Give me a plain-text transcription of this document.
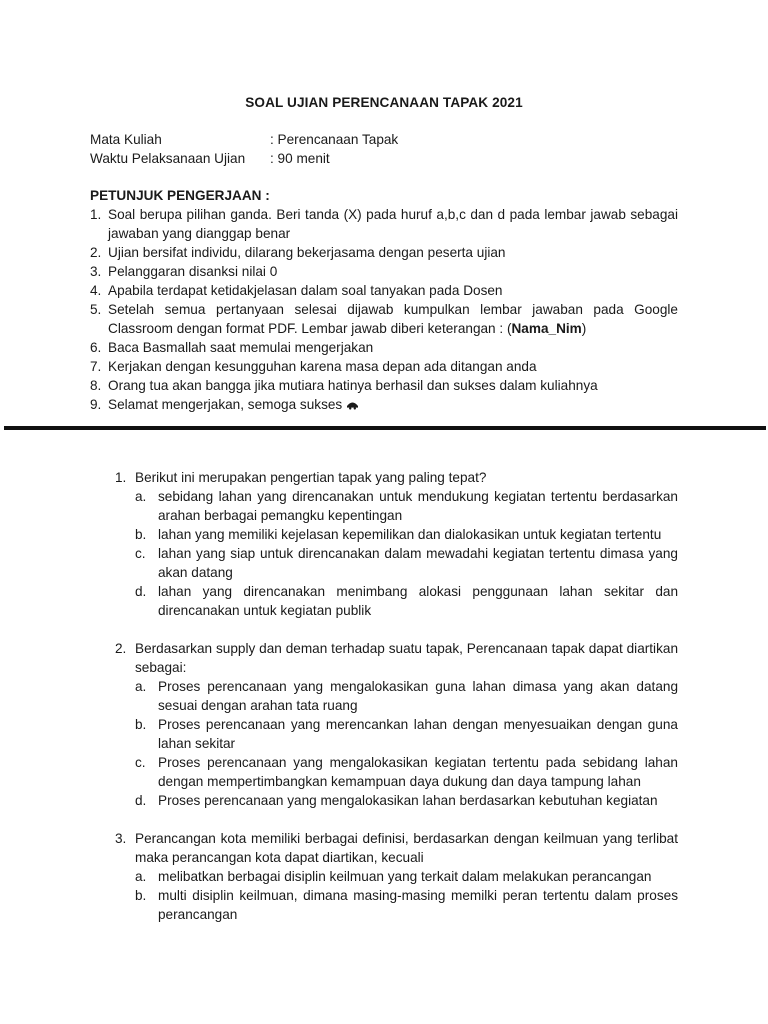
SOAL UJIAN PERENCANAAN TAPAK 2021
Mata Kuliah	: Perencanaan Tapak
Waktu Pelaksanaan Ujian	: 90 menit
PETUNJUK PENGERJAAN :
1. Soal berupa pilihan ganda. Beri tanda (X) pada huruf a,b,c dan d pada lembar jawab sebagai jawaban yang dianggap benar
2. Ujian bersifat individu, dilarang bekerjasama dengan peserta ujian
3. Pelanggaran disanksi nilai 0
4. Apabila terdapat ketidakjelasan dalam soal tanyakan pada Dosen
5. Setelah semua pertanyaan selesai dijawab kumpulkan lembar jawaban pada Google Classroom dengan format PDF. Lembar jawab diberi keterangan : (Nama_Nim)
6. Baca Basmallah saat memulai mengerjakan
7. Kerjakan dengan kesungguhan karena masa depan ada ditangan anda
8. Orang tua akan bangga jika mutiara hatinya berhasil dan sukses dalam kuliahnya
9. Selamat mengerjakan, semoga sukses
1. Berikut ini merupakan pengertian tapak yang paling tepat?
a. sebidang lahan yang direncanakan untuk mendukung kegiatan tertentu berdasarkan arahan berbagai pemangku kepentingan
b. lahan yang memiliki kejelasan kepemilikan dan dialokasikan untuk kegiatan tertentu
c. lahan yang siap untuk direncanakan dalam mewadahi kegiatan tertentu dimasa yang akan datang
d. lahan yang direncanakan menimbang alokasi penggunaan lahan sekitar dan direncanakan untuk kegiatan publik
2. Berdasarkan supply dan deman terhadap suatu tapak, Perencanaan tapak dapat diartikan sebagai:
a. Proses perencanaan yang mengalokasikan guna lahan dimasa yang akan datang sesuai dengan arahan tata ruang
b. Proses perencanaan yang merencankan lahan dengan menyesuaikan dengan guna lahan sekitar
c. Proses perencanaan yang mengalokasikan kegiatan tertentu pada sebidang lahan dengan mempertimbangkan kemampuan daya dukung dan daya tampung lahan
d. Proses perencanaan yang mengalokasikan lahan berdasarkan kebutuhan kegiatan
3. Perancangan kota memiliki berbagai definisi, berdasarkan dengan keilmuan yang terlibat maka perancangan kota dapat diartikan, kecuali
a. melibatkan berbagai disiplin keilmuan yang terkait dalam melakukan perancangan
b. multi disiplin keilmuan, dimana masing-masing memilki peran tertentu dalam proses perancangan
